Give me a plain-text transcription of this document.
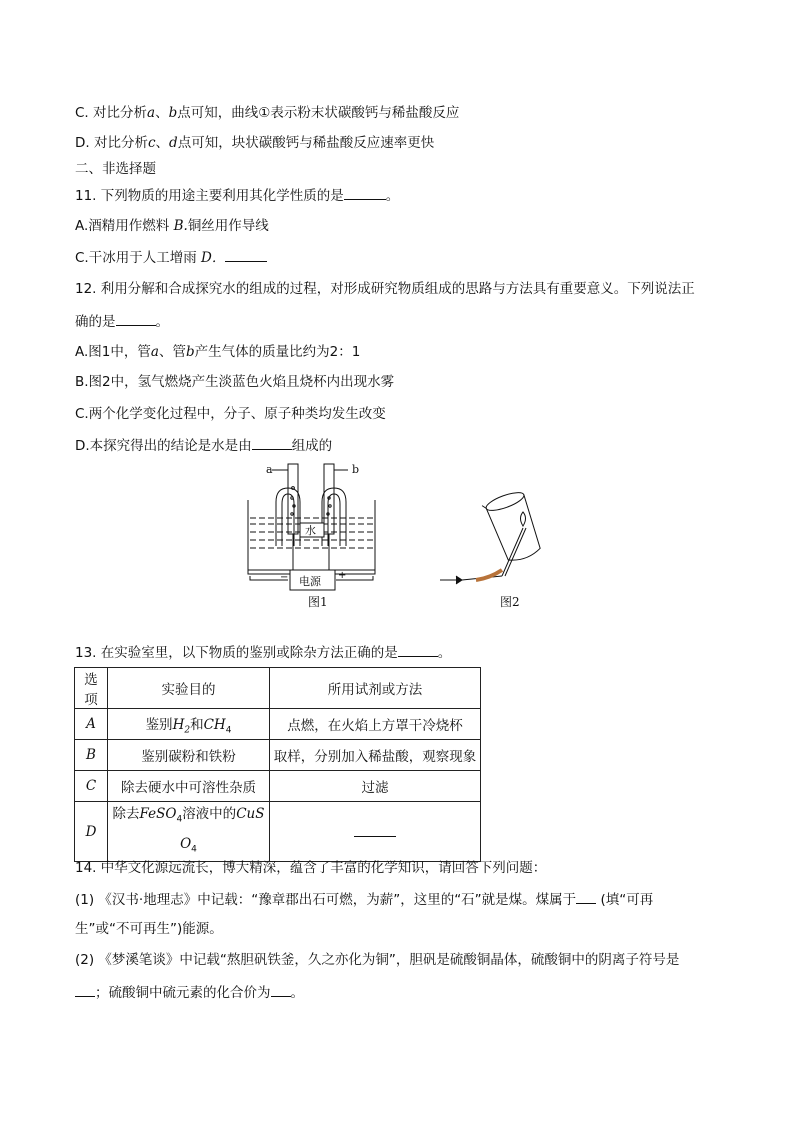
C. 对比分析a、b点可知，曲线①表示粉末状碳酸钙与稀盐酸反应
D. 对比分析c、d点可知，块状碳酸钙与稀盐酸反应速率更快
二、非选择题
11. 下列物质的用途主要利用其化学性质的是	。
A.酒精用作燃料 B.铜丝用作导线
C.干冰用于人工增雨 D．
12. 利用分解和合成探究水的组成的过程，对形成研究物质组成的思路与方法具有重要意义。下列说法正
确的是	。
A.图1中，管a、管b产生气体的质量比约为2：1
B.图2中，氢气燃烧产生淡蓝色火焰且烧杯内出现水雾
C.两个化学变化过程中，分子、原子种类均发生改变
D.本探究得出的结论是水是由	组成的
a	b
水
电源
−	+
图1	图2
13. 在实验室里，以下物质的鉴别或除杂方法正确的是	。
选项	实验目的	所用试剂或方法
A	鉴别$H_2$和$CH_4$	点燃，在火焰上方罩干冷烧杯
B	鉴别碳粉和铁粉	取样，分别加入稀盐酸，观察现象
C	除去硬水中可溶性杂质	过滤
D	除去FeSO$_4$溶液中的CuS
$O_4$	
14. 中华文化源远流长，博大精深，蕴含了丰富的化学知识，请回答下列问题：
(1) 《汉书·地理志》中记载：“豫章郡出石可燃，为薪”，这里的“石”就是煤。煤属于 (填“可再
生”或“不可再生”)能源。
(2) 《梦溪笔谈》中记载“熬胆矾铁釜，久之亦化为铜”，胆矾是硫酸铜晶体，硫酸铜中的阴离子符号是
；硫酸铜中硫元素的化合价为 。
